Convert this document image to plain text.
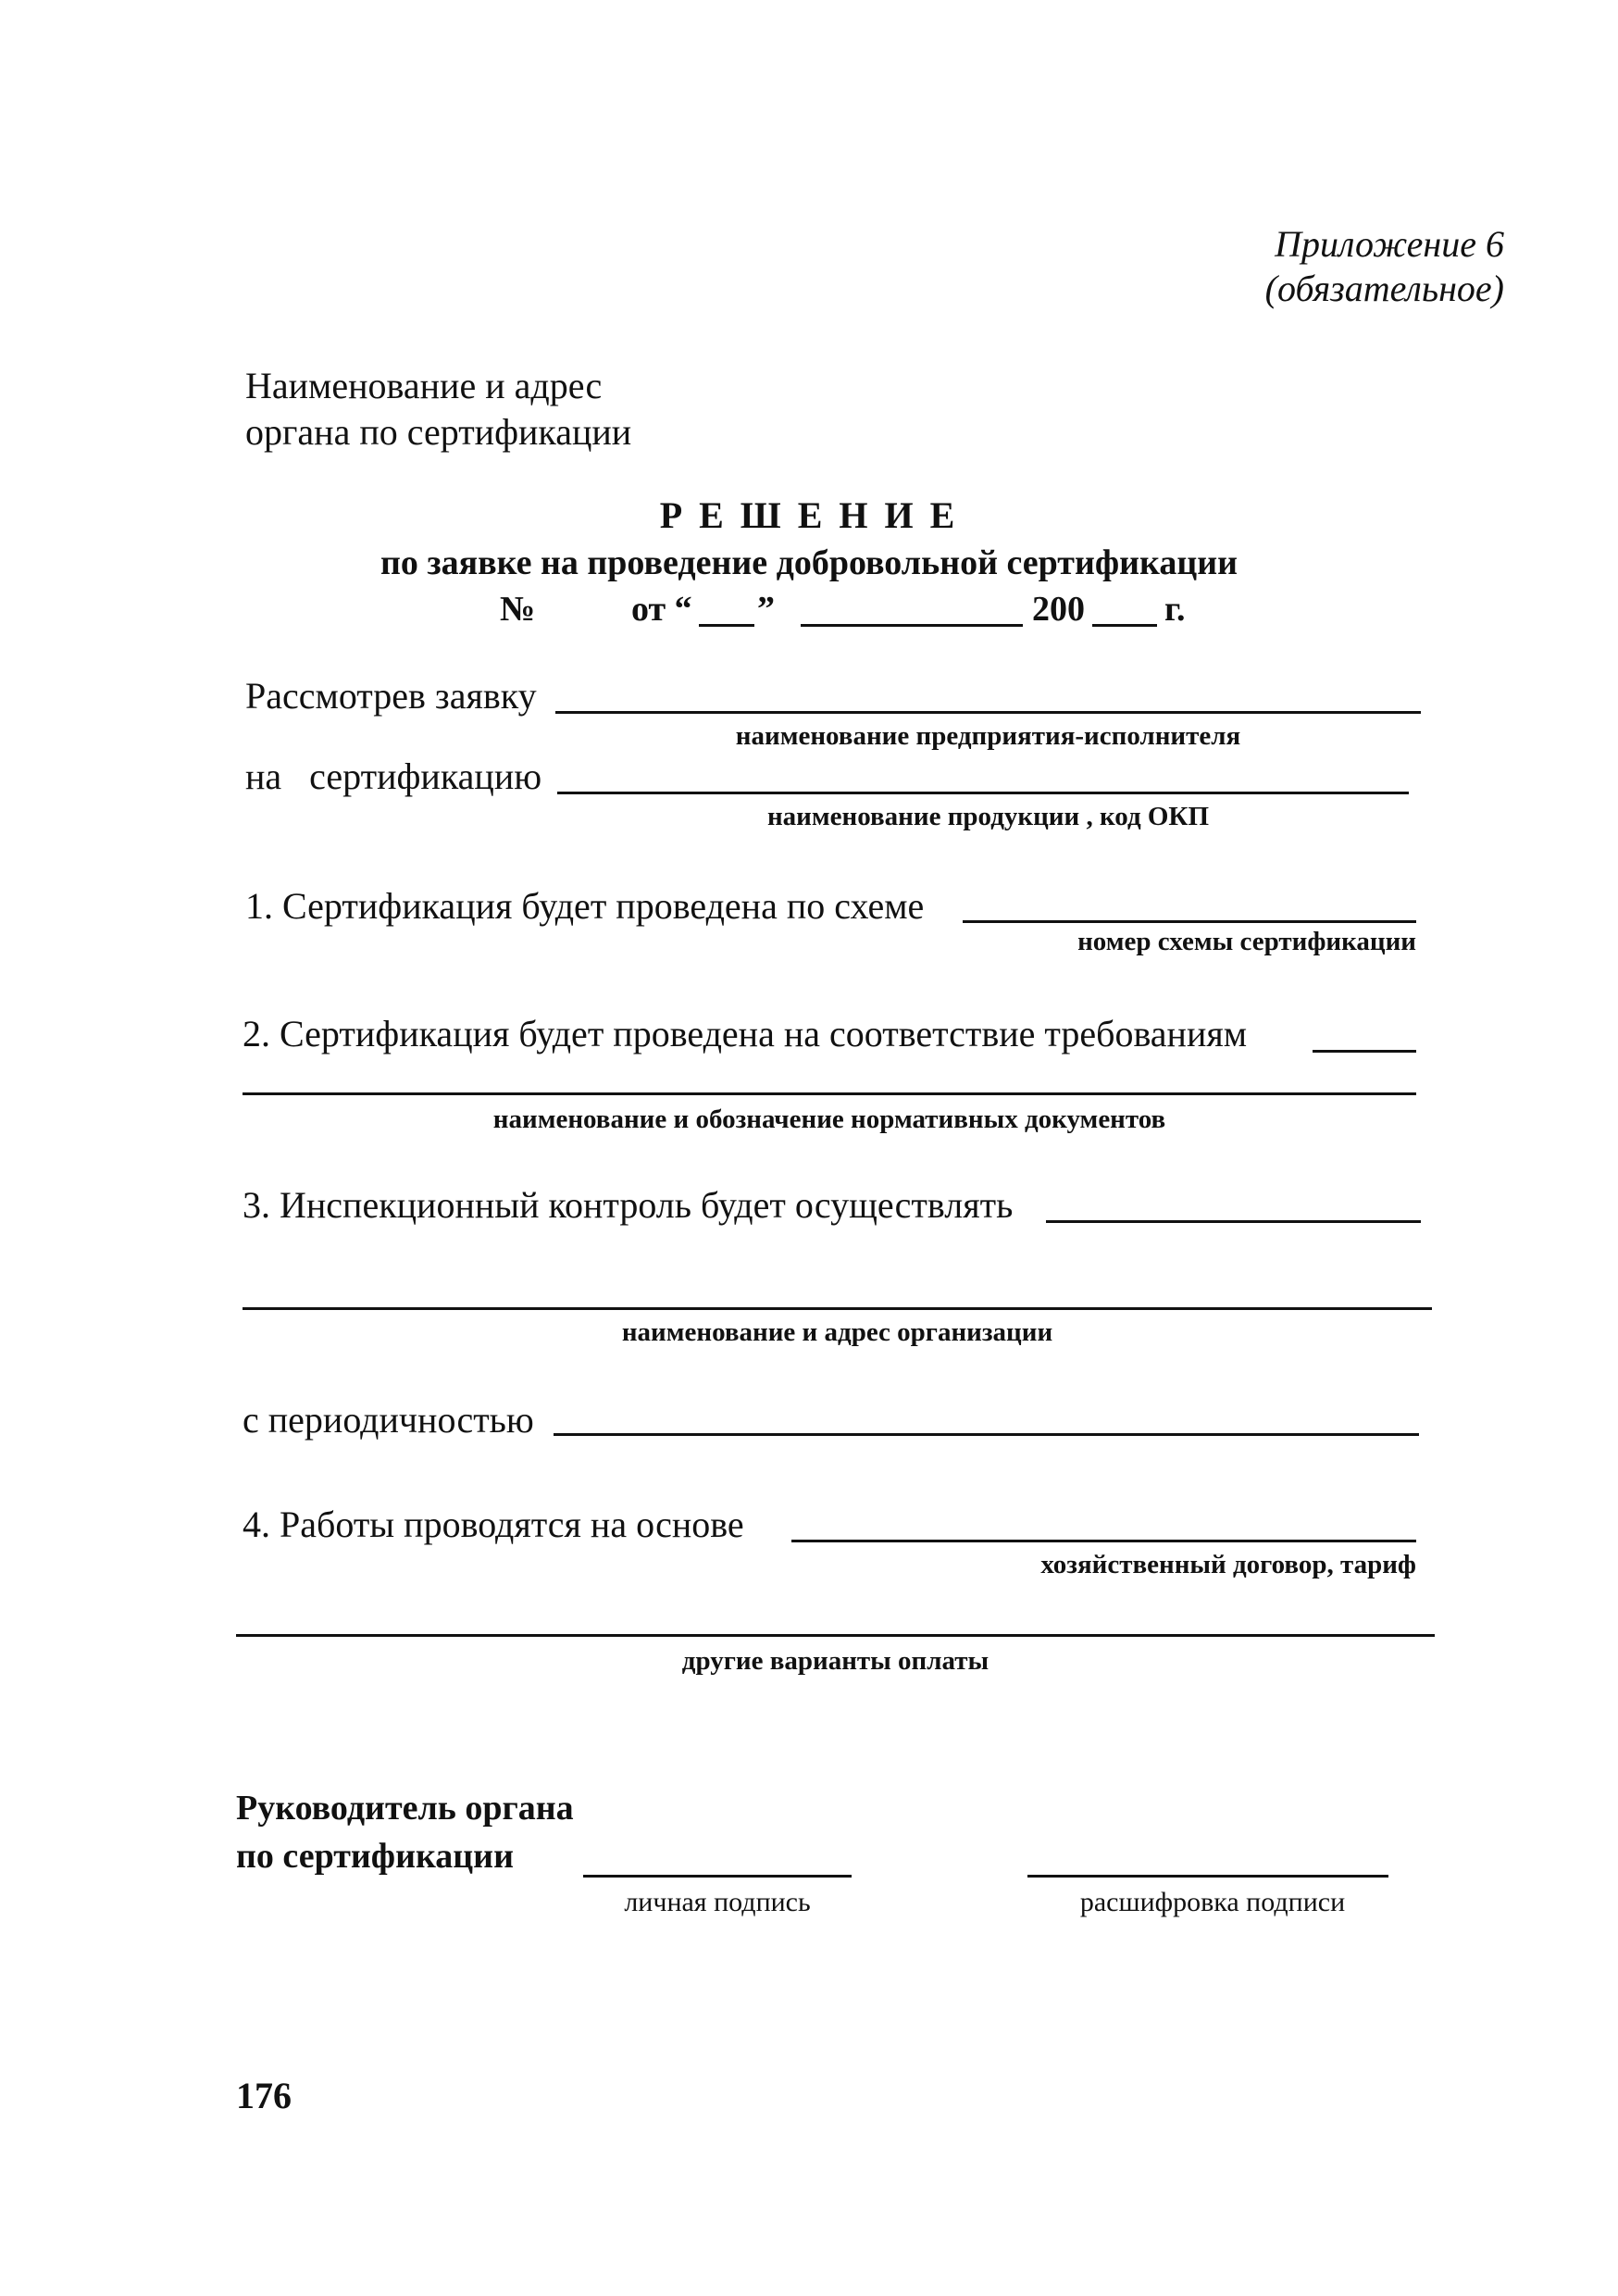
Приложение 6
(обязательное)
Наименование и адрес
органа по сертификации
Р Е Ш Е Н И Е
по заявке на проведение добровольной сертификации
№	от “ ”	200 г.
Рассмотрев заявку
наименование предприятия-исполнителя
на   сертификацию
наименование продукции , код ОКП
1. Сертификация будет проведена по схеме
номер схемы сертификации
2. Сертификация будет проведена на соответствие требованиям
наименование и обозначение нормативных документов
3. Инспекционный контроль будет осуществлять
наименование и адрес организации
с периодичностью
4. Работы проводятся на основе
хозяйственный договор, тариф
другие варианты оплаты
Руководитель органа
по сертификации
личная подпись	расшифровка подписи
176
